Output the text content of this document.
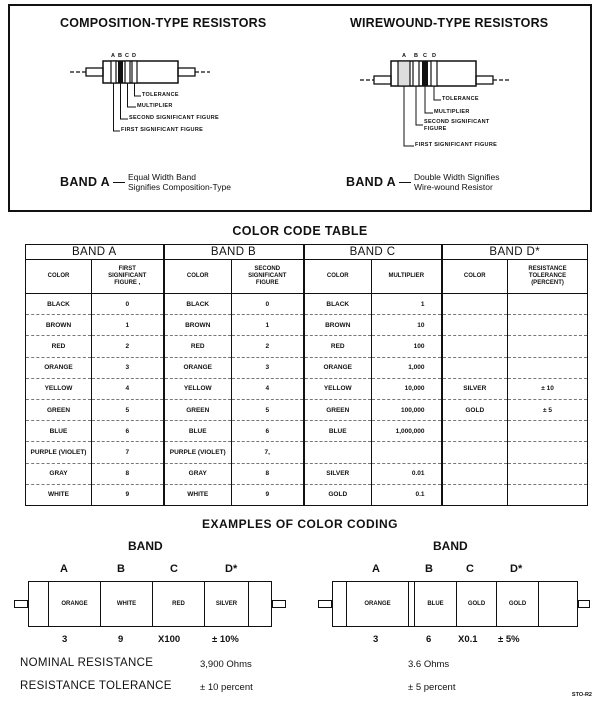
COMPOSITION-TYPE RESISTORS	WIREWOUND-TYPE RESISTORS
A B C D
TOLERANCE
MULTIPLIER
SECOND SIGNIFICANT FIGURE
FIRST SIGNIFICANT FIGURE
A B C D
TOLERANCE
MULTIPLIER
SECOND SIGNIFICANT
FIGURE
FIRST SIGNIFICANT FIGURE
BAND A Equal Width Band
Signifies Composition-Type	BAND A Double Width Signifies
Wire-wound Resistor
COLOR CODE TABLE
BAND A		BAND B		BAND C		BAND D*	
COLOR	FIRST
SIGNIFICANT
FIGURE ,	COLOR	SECOND
SIGNIFICANT
FIGURE	COLOR	MULTIPLIER	COLOR	RESISTANCE
TOLERANCE
(PERCENT)

BLACK	0	BLACK	0	BLACK	1		
BROWN	1	BROWN	1	BROWN	10		
RED	2	RED	2	RED	100		
ORANGE	3	ORANGE	3	ORANGE	1,000		
YELLOW	4	YELLOW	4	YELLOW	10,000	SILVER	± 10
GREEN	5	GREEN	5	GREEN	100,000	GOLD	± 5
BLUE	6	BLUE	6	BLUE	1,000,000		
PURPLE (VIOLET)	7	PURPLE (VIOLET)	7,				
GRAY	8	GRAY	8	SILVER	0.01		
WHITE	9	WHITE	9	GOLD	0.1		
EXAMPLES OF COLOR CODING
BAND	BAND
A	B	C	D*	A	B	C	D*
ORANGE	WHITE	RED	SILVER	ORANGE	BLUE	GOLD	GOLD
3	9	X100	± 10%	3	6	X0.1 ± 5%
NOMINAL RESISTANCE	3,900 Ohms	3.6 Ohms
RESISTANCE TOLERANCE	± 10 percent	± 5 percent
STO-R2
